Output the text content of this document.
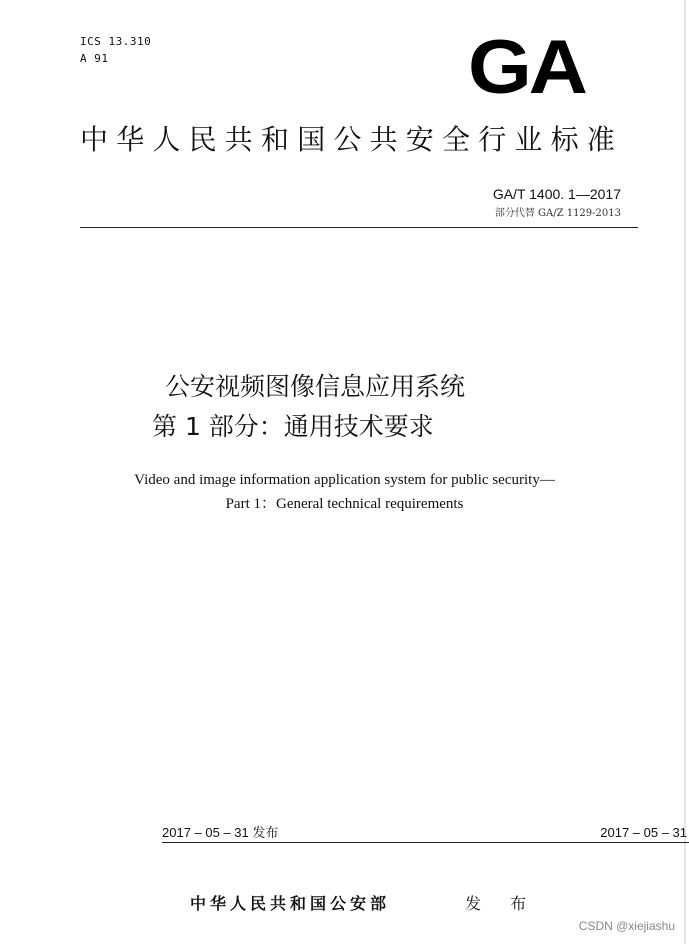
ICS 13.310
A 91	GA
中华人民共和国公共安全行业标准
GA/T 1400. 1—2017
部分代替 GA/Z 1129-2013
公安视频图像信息应用系统
第 1 部分：通用技术要求
Video and image information application system for public security—
Part 1：General technical requirements
2017 – 05 – 31 发布	2017 – 05 – 31
中华人民共和国公安部	发 布
CSDN @xiejiashu
